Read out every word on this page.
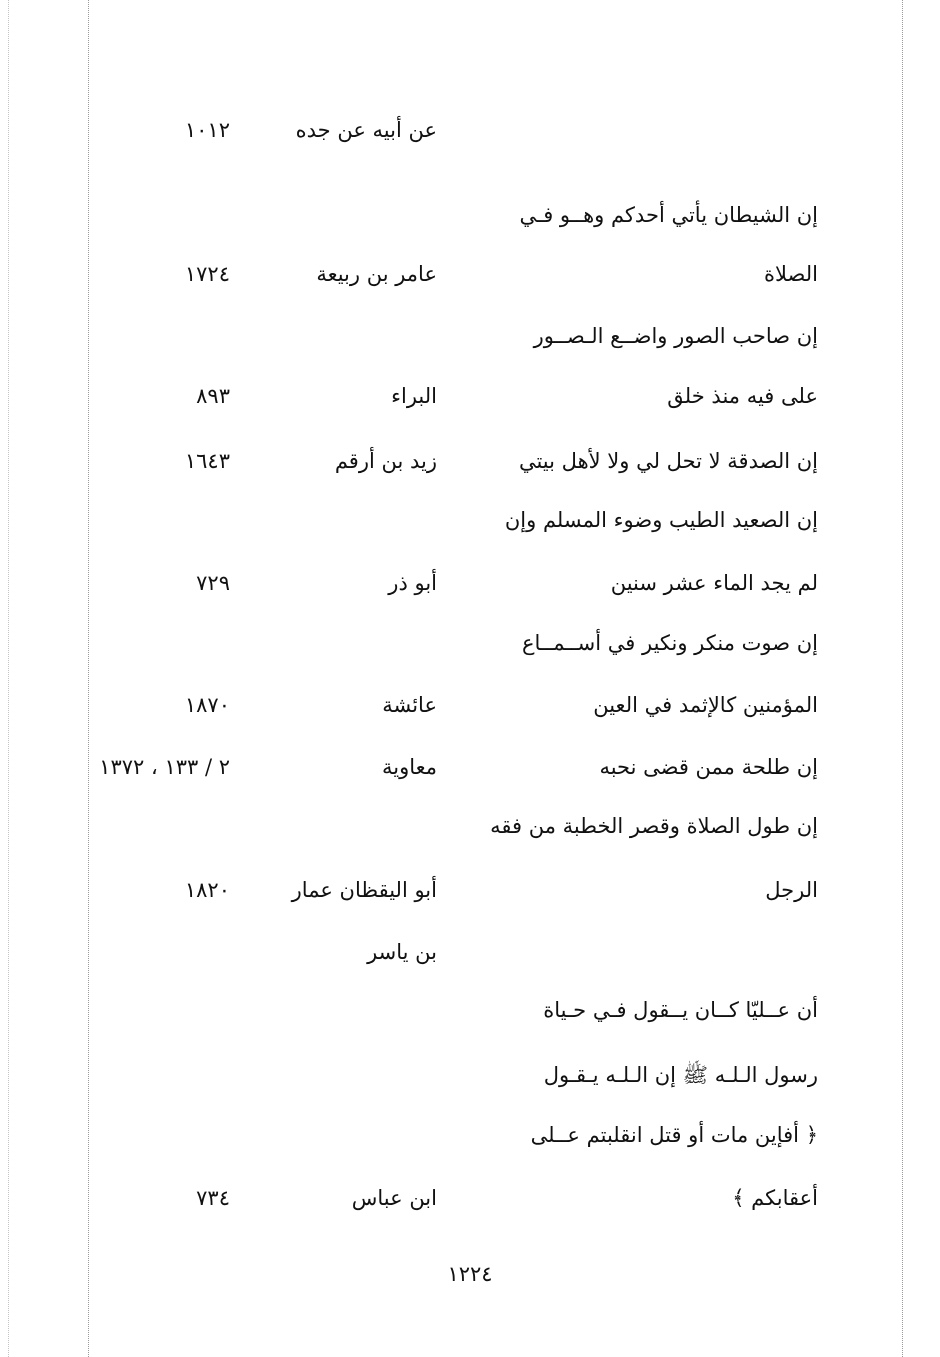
عن أبيه عن جده
١٠١٢
إن الشيطان يأتي أحدكم وهــو فـي
الصلاة
عامر بن ربيعة
١٧٢٤
إن صاحب الصور واضــع الـصــور
على فيه منذ خلق
البراء
٨٩٣
إن الصدقة لا تحل لي ولا لأهل بيتي
زيد بن أرقم
١٦٤٣
إن الصعيد الطيب وضوء المسلم وإن
لم يجد الماء عشر سنين
أبو ذر
٧٢٩
إن صوت منكر ونكير في أســمــاع
المؤمنين كالإثمد في العين
عائشة
١٨٧٠
إن طلحة ممن قضى نحبه
معاوية
٢ / ١٣٣ ، ١٣٧٢
إن طول الصلاة وقصر الخطبة من فقه
الرجل
أبو اليقظان عمار
١٨٢٠
بن ياسر
أن عــليّا كــان يــقول فـي حـياة
رسول الـلـه ﷺ إن الـلـه يـقـول
﴿ أفإين مات أو قتل انقلبتم عــلى
أعقابكم ﴾
ابن عباس
٧٣٤
١٢٢٤
